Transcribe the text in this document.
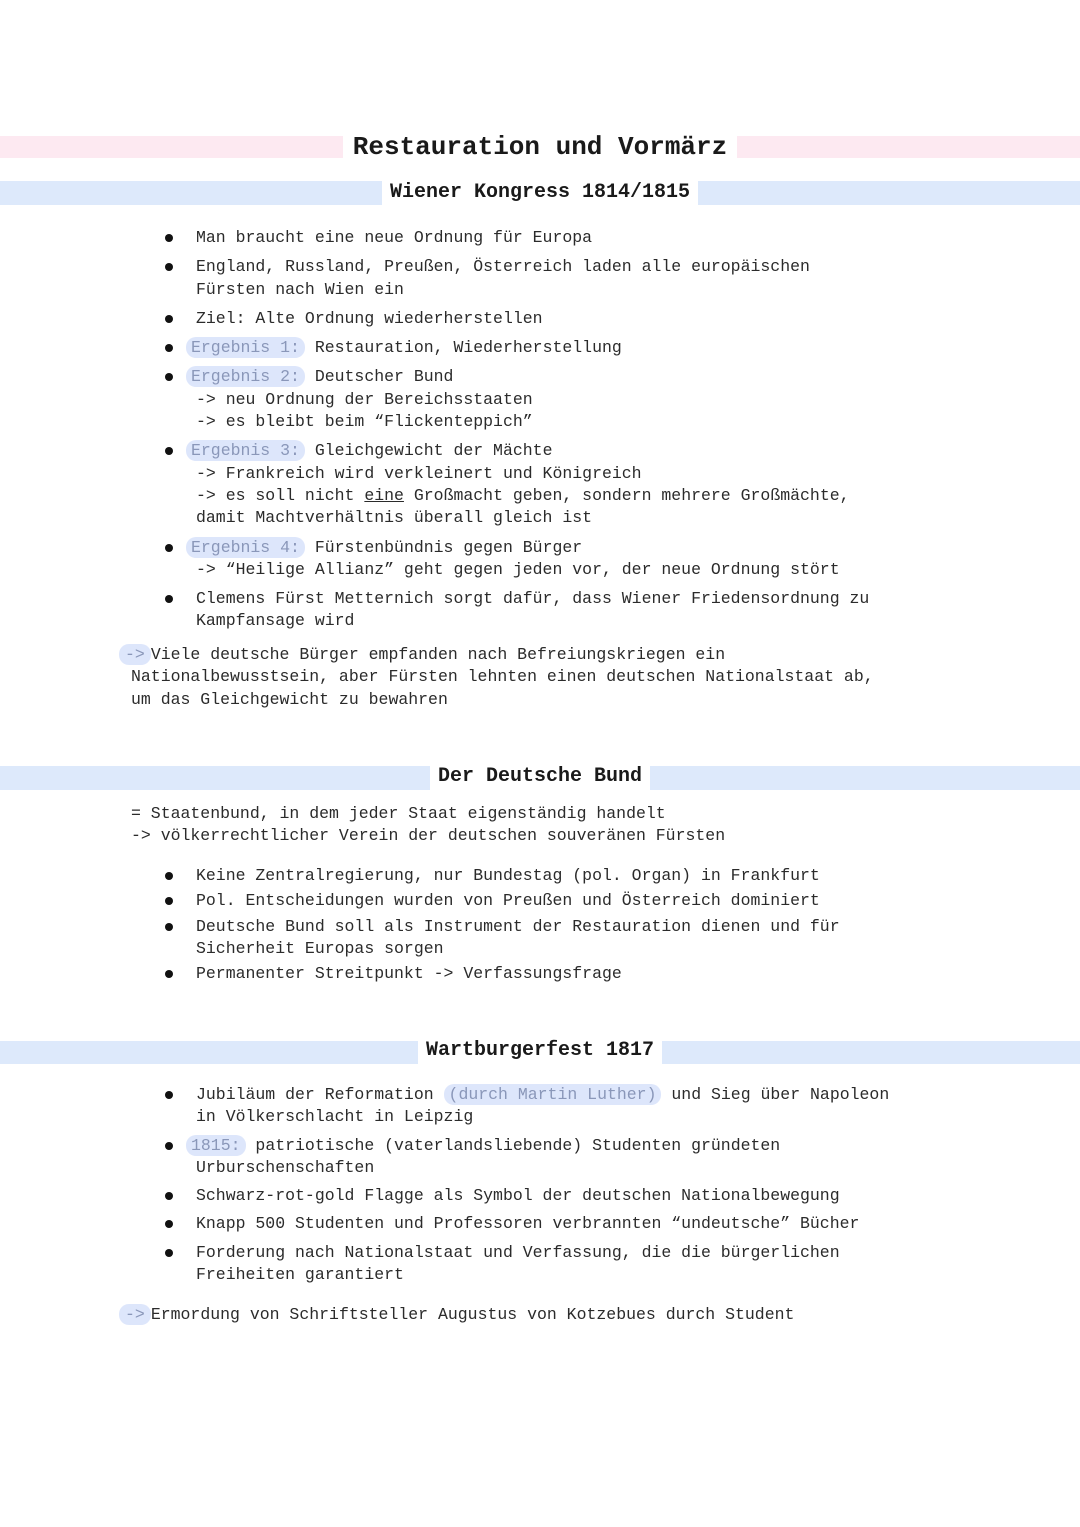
Restauration und Vormärz
Wiener Kongress 1814/1815
Man braucht eine neue Ordnung für Europa
England, Russland, Preußen, Österreich laden alle europäischen
Fürsten nach Wien ein
Ziel: Alte Ordnung wiederherstellen
Ergebnis 1: Restauration, Wiederherstellung
Ergebnis 2: Deutscher Bund
-> neu Ordnung der Bereichsstaaten
-> es bleibt beim “Flickenteppich”
Ergebnis 3: Gleichgewicht der Mächte
-> Frankreich wird verkleinert und Königreich
-> es soll nicht eine Großmacht geben, sondern mehrere Großmächte,
damit Machtverhältnis überall gleich ist
Ergebnis 4: Fürstenbündnis gegen Bürger
-> “Heilige Allianz” geht gegen jeden vor, der neue Ordnung stört
Clemens Fürst Metternich sorgt dafür, dass Wiener Friedensordnung zu
Kampfansage wird
-> Viele deutsche Bürger empfanden nach Befreiungskriegen ein
Nationalbewusstsein, aber Fürsten lehnten einen deutschen Nationalstaat ab,
um das Gleichgewicht zu bewahren
Der Deutsche Bund
= Staatenbund, in dem jeder Staat eigenständig handelt
-> völkerrechtlicher Verein der deutschen souveränen Fürsten
Keine Zentralregierung, nur Bundestag (pol. Organ) in Frankfurt
Pol. Entscheidungen wurden von Preußen und Österreich dominiert
Deutsche Bund soll als Instrument der Restauration dienen und für
Sicherheit Europas sorgen
Permanenter Streitpunkt -> Verfassungsfrage
Wartburgerfest 1817
Jubiläum der Reformation (durch Martin Luther) und Sieg über Napoleon
in Völkerschlacht in Leipzig
1815: patriotische (vaterlandsliebende) Studenten gründeten
Urburschenschaften
Schwarz-rot-gold Flagge als Symbol der deutschen Nationalbewegung
Knapp 500 Studenten und Professoren verbrannten “undeutsche” Bücher
Forderung nach Nationalstaat und Verfassung, die die bürgerlichen
Freiheiten garantiert
-> Ermordung von Schriftsteller Augustus von Kotzebues durch Student
